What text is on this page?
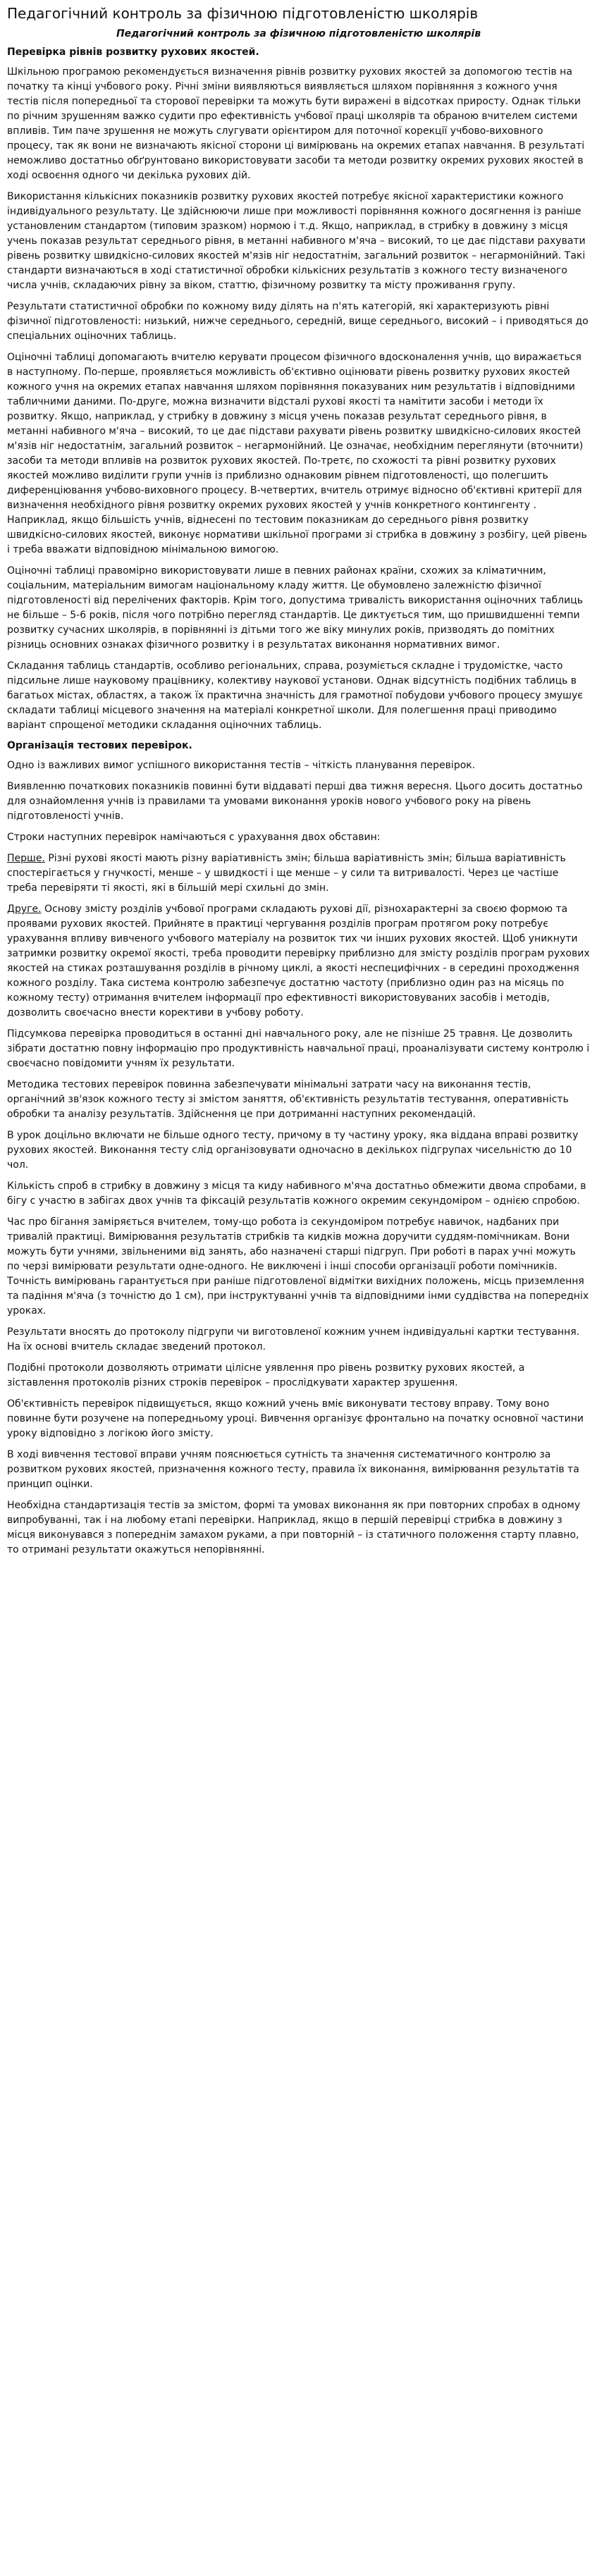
Педагогічний контроль за фізичною підготовленістю школярів
Педагогічний контроль за фізичною підготовленістю школярів
Перевірка рівнів розвитку рухових якостей.

Шкільною програмою рекомендується визначення рівнів розвитку рухових якостей за допомогою тестів на початку та кінці учбового року. Річні зміни виявляються виявляється шляхом порівняння з кожного учня тестів після попередньої та сторової перевірки та можуть бути виражені в відсотках приросту. Однак тільки по річним зрушенням важко судити про ефективність учбової праці школярів та обраною вчителем системи впливів. Тим паче зрушення не можуть слугувати орієнтиром для поточної корекції учбово-виховного процесу, так як вони не визначають якісної сторони ці вимірювань на окремих етапах навчання. В результаті неможливо достатньо обґрунтовано використовувати засоби та методи розвитку окремих рухових якостей в ході освоєння одного чи декілька рухових дій.

Використання кількісних показників розвитку рухових якостей потребує якісної характеристики кожного індивідуального результату. Це здійснюючи лише при можливості порівняння кожного досягнення із раніше установленим стандартом (типовим зразком) нормою і т.д. Якщо, наприклад, в стрибку в довжину з місця учень показав результат середнього рівня, в метанні набивного м'яча – високий, то це дає підстави рахувати рівень розвитку швидкісно-силових якостей м'язів ніг недостатнім, загальний розвиток – негармонійний. Такі стандарти визначаються в ході статистичної обробки кількісних результатів з кожного тесту визначеного числа учнів, складаючих рівну за віком, статтю, фізичному розвитку та місту проживання групу.

Результати статистичної обробки по кожному виду ділять на п'ять категорій, які характеризують рівні фізичної підготовленості: низький, нижче середнього, середній, вище середнього, високий – і приводяться до спеціальних оціночних таблиць.

Оціночні таблиці допомагають вчителю керувати процесом фізичного вдосконалення учнів, що виражається в наступному. По-перше, проявляється можливість об'єктивно оцінювати рівень розвитку рухових якостей кожного учня на окремих етапах навчання шляхом порівняння показуваних ним результатів і відповідними табличними даними. По-друге, можна визначити відсталі рухові якості та намітити засоби і методи їх розвитку. Якщо, наприклад, у стрибку в довжину з місця учень показав результат середнього рівня, в метанні набивного м'яча – високий, то це дає підстави рахувати рівень розвитку швидкісно-силових якостей м'язів ніг недостатнім, загальний розвиток – негармонійний. Це означає, необхідним переглянути (вточнити) засоби та методи впливів на розвиток рухових якостей. По-третє, по схожості та рівні розвитку рухових якостей можливо виділити групи учнів із приблизно однаковим рівнем підготовленості, що полегшить диференціювання учбово-виховного процесу. В-четвертих, вчитель отримує відносно об'єктивні критерії для визначення необхідного рівня розвитку окремих рухових якостей у учнів конкретного контингенту . Наприклад, якщо більшість учнів, віднесені по тестовим показникам до середнього рівня розвитку швидкісно-силових якостей, виконує нормативи шкільної програми зі стрибка в довжину з розбігу, цей рівень і треба вважати відповідною мінімальною вимогою.

Оціночні таблиці правомірно використовувати лише в певних районах країни, схожих за кліматичним, соціальним, матеріальним вимогам національному кладу життя. Це обумовлено залежністю фізичної підготовленості від перелічених факторів. Крім того, допустима тривалість використання оціночних таблиць не більше – 5-6 років, після чого потрібно перегляд стандартів. Це диктується тим, що пришвидшенні темпи розвитку сучасних школярів, в порівнянні із дітьми того же віку минулих років, призводять до помітних різниць основних ознаках фізичного розвитку і в результатах виконання нормативних вимог.

Складання таблиць стандартів, особливо регіональних, справа, розуміється складне і трудомістке, часто підсильне лише науковому працівнику, колективу наукової установи. Однак відсутність подібних таблиць в багатьох містах, областях, а також їх практична значність для грамотної побудови учбового процесу змушує складати таблиці місцевого значення на матеріалі конкретної школи. Для полегшення праці приводимо варіант спрощеної методики складання оціночних таблиць.

Організація тестових перевірок.

Одно із важливих вимог успішного використання тестів – чіткість планування перевірок.

Виявленню початкових показників повинні бути віддаваті перші два тижня вересня. Цього досить достатньо для ознайомлення учнів із правилами та умовами виконання уроків нового учбового року на рівень підготовленості учнів.

Строки наступних перевірок намічаються с урахування двох обставин:

Перше. Різні рухові якості мають різну варіативність змін; більша варіативність змін; більша варіативність спостерігається у гнучкості, менше – у швидкості і ще менше – у сили та витривалості. Через це частіше треба перевіряти ті якості, які в більшій мері схильні до змін.

Друге. Основу змісту розділів учбової програми складають рухові дії, різнохарактерні за своєю формою та проявами рухових якостей. Прийняте в практиці чергування розділів програм протягом року потребує урахування впливу вивченого учбового матеріалу на розвиток тих чи інших рухових якостей. Щоб уникнути затримки розвитку окремої якості, треба проводити перевірку приблизно для змісту розділів програм рухових якостей на стиках розташування розділів в річному циклі, а якості неспецифічних - в середині проходження кожного розділу. Така система контролю забезпечує достатню частоту (приблизно один раз на місяць по кожному тесту) отримання вчителем інформації про ефективності використовуваних засобів і методів, дозволить своєчасно внести корективи в учбову роботу.

Підсумкова перевірка проводиться в останні дні навчального року, але не пізніше 25 травня. Це дозволить зібрати достатню повну інформацію про продуктивність навчальної праці, проаналізувати систему контролю і своєчасно повідомити учням їх результати.

Методика тестових перевірок повинна забезпечувати мінімальні затрати часу на виконання тестів, органічний зв'язок кожного тесту зі змістом заняття, об'єктивність результатів тестування, оперативність обробки та аналізу результатів. Здійснення це при дотриманні наступних рекомендацій.

В урок доцільно включати не більше одного тесту, причому в ту частину уроку, яка віддана вправі розвитку рухових якостей. Виконання тесту слід організовувати одночасно в декількох підгрупах чисельністю до 10 чол.

Кількість спроб в стрибку в довжину з місця та киду набивного м'яча достатньо обмежити двома спробами, в бігу с участю в забігах двох учнів та фіксацій результатів кожного окремим секундоміром – однією спробою.

Час про бігання заміряється вчителем, тому-що робота із секундоміром потребує навичок, надбаних при тривалій практиці. Вимірювання результатів стрибків та кидків можна доручити суддям-помічникам. Вони можуть бути учнями, звільненими від занять, або назначені старші підгруп. При роботі в парах учні можуть по черзі вимірювати результати одне-одного. Не виключені і інші способи організації роботи помічників. Точність вимірювань гарантується при раніше підготовленої відмітки вихідних положень, місць приземлення та падіння м'яча (з точністю до 1 см), при інструктуванні учнів та відповідними інми суддівства на попередніх уроках.

Результати вносять до протоколу підгрупи чи виготовленої кожним учнем індивідуальні картки тестування. На їх основі вчитель складає зведений протокол.

Подібні протоколи дозволяють отримати цілісне уявлення про рівень розвитку рухових якостей, а зіставлення протоколів різних строків перевірок – прослідкувати характер зрушення.

Об'єктивність перевірок підвищується, якщо кожний учень вміє виконувати тестову вправу. Тому воно повинне бути розучене на попередньому уроці. Вивчення організує фронтально на початку основної частини уроку відповідно з логікою його змісту.

В ході вивчення тестової вправи учням пояснюється сутність та значення систематичного контролю за розвитком рухових якостей, призначення кожного тесту, правила їх виконання, вимірювання результатів та принцип оцінки.

Необхідна стандартизація тестів за змістом, формі та умовах виконання як при повторних спробах в одному випробуванні, так і на любому етапі перевірки. Наприклад, якщо в першій перевірці стрибка в довжину з місця виконувався з попереднім замахом руками, а при повторній – із статичного положення старту плавно, то отримані результати окажуться непорівнянні.
